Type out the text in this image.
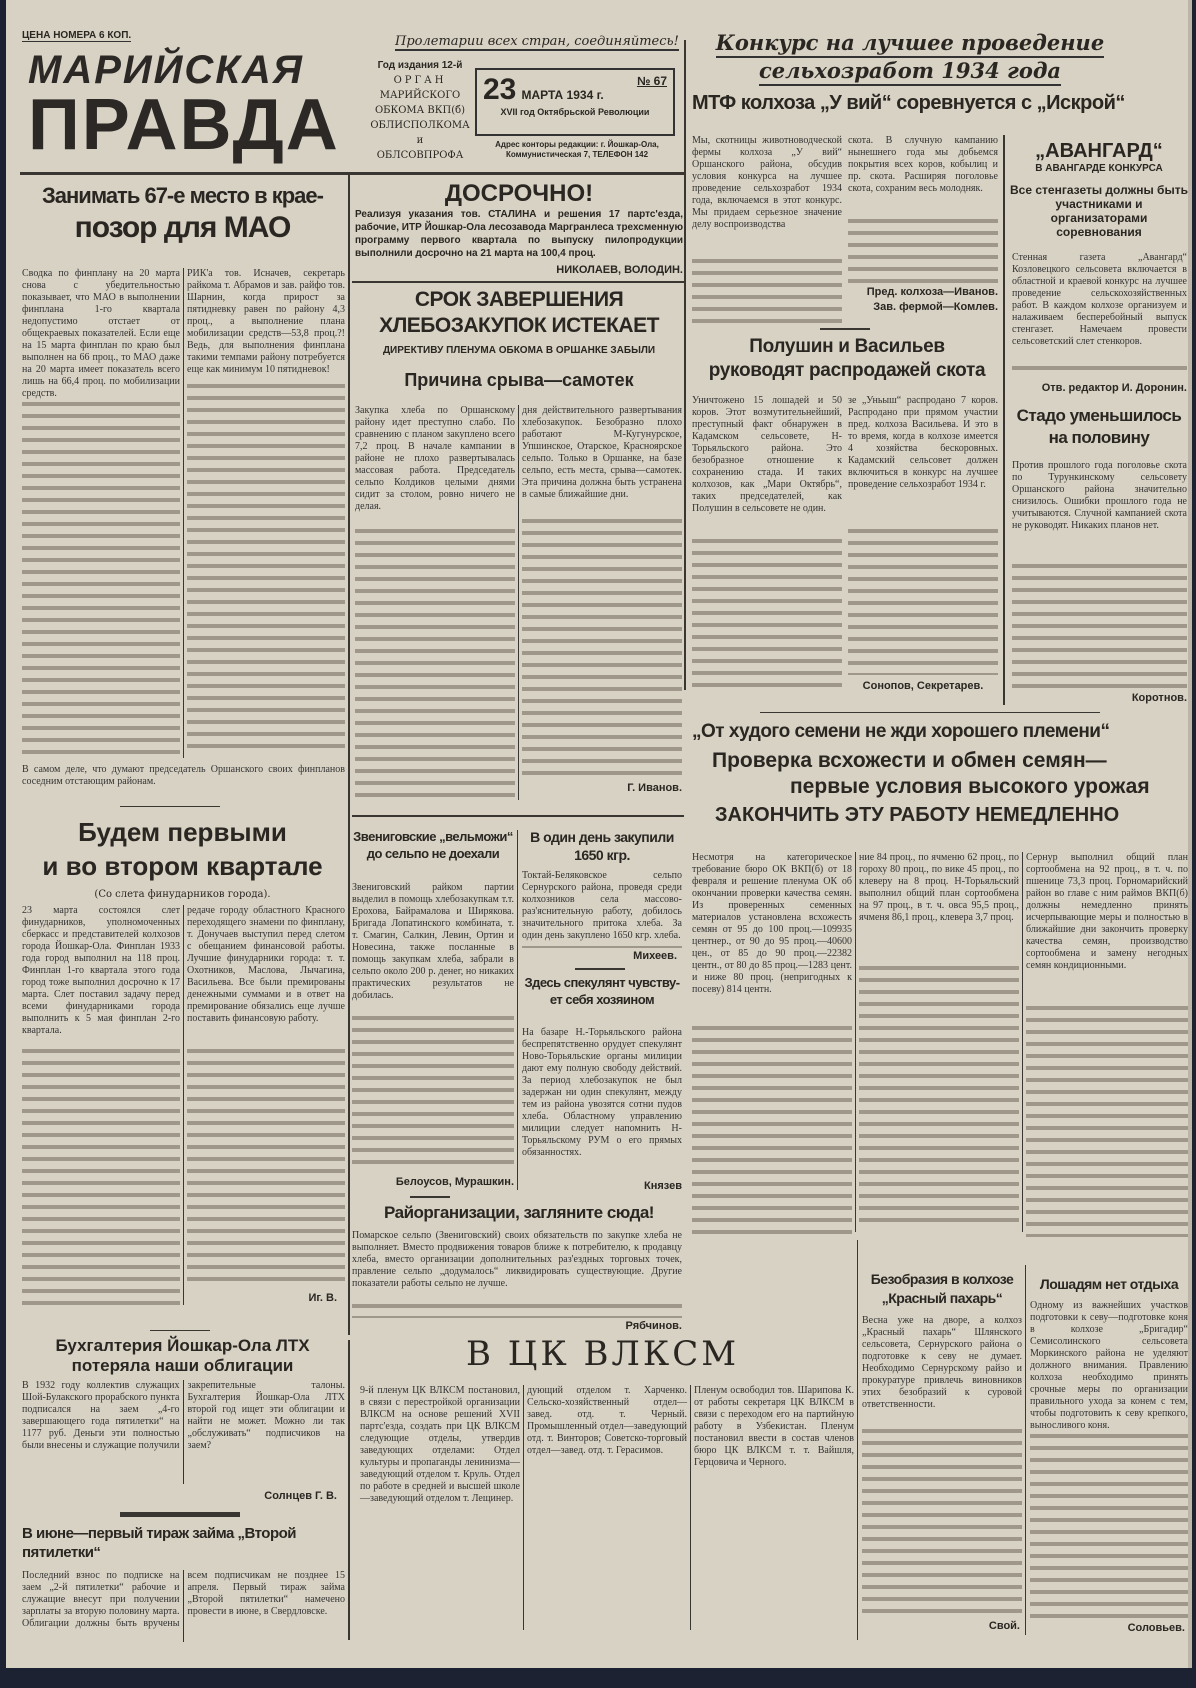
ЦЕНА НОМЕРА 6 КОП.	Пролетарии всех стран, соединяйтесь!
МАРИЙСКАЯ
ПРАВДА
Год издания 12-й
ОРГАН
МАРИЙСКОГО
ОБКОМА ВКП(б)
ОБЛИСПОЛКОМА и
ОБЛСОВПРОФА
23 МАРТА 1934 г.
№ 67
XVII год Октябрьской Революции
Адрес конторы редакции: г. Йошкар-Ола, Коммунистическая 7, ТЕЛЕФОН 142
Конкурс на лучшее проведение
сельхозработ 1934 года
МТФ колхоза „У вий“ соревнуется с „Искрой“
Мы, скотницы животноводческой фермы колхоза „У вий“ Оршанского района, обсудив условия конкурса на лучшее проведение сельхозработ 1934 года, включаемся в этот конкурс. Мы придаем серьезное значение делу воспроизводства
скота. В случную кампанию нынешнего года мы добьемся покрытия всех коров, кобылиц и пр. скота. Расширяя поголовье скота, сохраним весь молодняк.
Пред. колхоза—Иванов.
Зав. фермой—Комлев.
„АВАНГАРД“
В АВАНГАРДЕ КОНКУРСА
Все стенгазеты должны быть участниками и организаторами соревнования
Стенная газета „Авангард“ Козловецкого сельсовета включается в областной и краевой конкурс на лучшее проведение сельскохозяйственных работ. В каждом колхозе организуем и налаживаем бесперебойный выпуск стенгазет. Намечаем провести сельсоветский слет стенкоров.
Отв. редактор И. Доронин.
Стадо уменьшилось
на половину
Против прошлого года поголовье скота по Турункинскому сельсовету Оршанского района значительно снизилось. Ошибки прошлого года не учитываются. Случной кампанией скота не руководят. Никаких планов нет.
Коротнов.
Полушин и Васильев
руководят распродажей скота
Уничтожено 15 лошадей и 50 коров. Этот возмутительнейший, преступный факт обнаружен в Кадамском сельсовете, Н-Торьяльского района. Это безобразное отношение к сохранению стада. И таких колхозов, как „Мари Октябрь“, таких председателей, как Полушин в сельсовете не один.
зе „Уньыш“ распродано 7 коров. Распродано при прямом участии пред. колхоза Васильева. И это в то время, когда в колхозе имеется 4 хозяйства бескоровных. Кадамский сельсовет должен включиться в конкурс на лучшее проведение сельхозработ 1934 г.
Сонопов, Секретарев.
Занимать 67-е место в крае-
позор для МАО
Сводка по финплану на 20 марта снова с убедительностью показывает, что МАО в выполнении финплана 1-го квартала недопустимо отстает от общекраевых показателей. Если еще на 15 марта финплан по краю был выполнен на 66 проц., то МАО даже на 20 марта имеет показатель всего лишь на 66,4 проц. по мобилизации средств.
РИК'а тов. Исначев, секретарь райкома т. Абрамов и зав. райфо тов. Шарнин, когда прирост за пятидневку равен по району 4,3 проц., а выполнение плана мобилизации средств—53,8 проц.?! Ведь, для выполнения финплана такими темпами району потребуется еще как минимум 10 пятидневок!
В самом деле, что думают председатель Оршанского своих финпланов соседним отстающим районам.
ДОСРОЧНО!
Реализуя указания тов. СТАЛИНА и решения 17 партс'езда, рабочие, ИТР Йошкар-Ола лесозавода Маргранлеса трехсменную программу первого квартала по выпуску пилопродукции выполнили досрочно на 21 марта на 100,4 проц.
НИКОЛАЕВ, ВОЛОДИН.
СРОК ЗАВЕРШЕНИЯ
ХЛЕБОЗАКУПОК ИСТЕКАЕТ
ДИРЕКТИВУ ПЛЕНУМА ОБКОМА В ОРШАНКЕ ЗАБЫЛИ
Причина срыва—самотек
Закупка хлеба по Оршанскому району идет преступно слабо. По сравнению с планом закуплено всего 7,2 проц. В начале кампании в районе не плохо развертывалась массовая работа. Председатель сельпо Колдиков целыми днями сидит за столом, ровно ничего не делая.
дня действительного развертывания хлебозакупок. Безобразно плохо работают М-Кугунурское, Упшинское, Отарское, Красноярское сельпо. Только в Оршанке, на базе сельпо, есть места, срыва—самотек. Эта причина должна быть устранена в самые ближайшие дни.
Г. Иванов.
„От худого семени не жди хорошего племени“
Проверка всхожести и обмен семян—
первые условия высокого урожая
ЗАКОНЧИТЬ ЭТУ РАБОТУ НЕМЕДЛЕННО
Несмотря на категорическое требование бюро ОК ВКП(б) от 18 февраля и решение пленума ОК об окончании проверки качества семян. Из проверенных семенных материалов установлена всхожесть семян от 95 до 100 проц.—109935 центнер., от 90 до 95 проц.—40600 цен., от 85 до 90 проц.—22382 центн., от 80 до 85 проц.—1283 цент. и ниже 80 проц. (непригодных к посеву) 814 центн.
ние 84 проц., по ячменю 62 проц., по гороху 80 проц., по вике 45 проц., по клеверу на 8 проц. Н-Торьяльский выполнил общий план сортообмена на 97 проц., в т. ч. овса 95,5 проц., ячменя 86,1 проц., клевера 3,7 проц.
Сернур выполнил общий план сортообмена на 92 проц., в т. ч. по пшенице 73,3 проц. Горномарийский район во главе с ним раймов ВКП(б) должны немедленно принять исчерпывающие меры и полностью в ближайшие дни закончить проверку качества семян, производство сортообмена и замену негодных семян кондиционными.
Будем первыми
и во втором квартале
(Со слета финударников города).
23 марта состоялся слет финударников, уполномоченных сберкасс и представителей колхозов города Йошкар-Ола. Финплан 1933 года город выполнил на 118 проц. Финплан 1-го квартала этого года город тоже выполнил досрочно к 17 марта. Слет поставил задачу перед всеми финударниками города выполнить к 5 мая финплан 2-го квартала.
редаче городу областного Красного переходящего знамени по финплану, т. Донучаев выступил перед слетом с обещанием финансовой работы. Лучшие финударники города: т. т. Охотников, Маслова, Лычагина, Васильева. Все были премированы денежными суммами и в ответ на премирование обязались еще лучше поставить финансовую работу.
Иг. В.
Звениговские „вельможи“
до сельпо не доехали
Звениговский райком партии выделил в помощь хлебозакупкам т.т. Ерохова, Байрамалова и Ширякова. Бригада Лопатинского комбината, т. т. Смагин, Салкин, Левин, Ортин и Новесина, также посланные в помощь закупкам хлеба, забрали в сельпо около 200 р. денег, но никаких практических результатов не добилась.
Белоусов, Мурашкин.
В один день закупили
1650 кгр.
Токтай-Беляковское сельпо Сернурского района, проведя среди колхозников села массово-раз'яснительную работу, добилось значительного притока хлеба. За один день закуплено 1650 кгр. хлеба.
Михеев.
Здесь спекулянт чувству-
ет себя хозяином
На базаре Н.-Торьяльского района беспрепятственно орудует спекулянт Ново-Торьяльские органы милиции дают ему полную свободу действий. За период хлебозакупок не был задержан ни один спекулянт, между тем из района увозятся сотни пудов хлеба. Областному управлению милиции следует напомнить Н-Торьяльскому РУМ о его прямых обязанностях.
Князев
Райорганизации, загляните сюда!
Помарское сельпо (Звениговский) своих обязательств по закупке хлеба не выполняет. Вместо продвижения товаров ближе к потребителю, к продавцу хлеба, вместо организации дополнительных раз'ездных торговых точек, правление сельпо „додумалось“ ликвидировать существующие. Другие показатели работы сельпо не лучше.
Рябчинов.
Безобразия в колхозе
„Красный пахарь“
Весна уже на дворе, а колхоз „Красный пахарь“ Шлянского сельсовета, Сернурского района о подготовке к севу не думает. Необходимо Сернурскому райзо и прокуратуре привлечь виновников этих безобразий к суровой ответственности.
Свой.
Лошадям нет отдыха
Одному из важнейших участков подготовки к севу—подготовке коня в колхозе „Бригадир“ Семисолинского сельсовета Моркинского района не уделяют должного внимания. Правлению колхоза необходимо принять срочные меры по организации правильного ухода за конем с тем, чтобы подготовить к севу крепкого, выносливого коня.
Соловьев.
Бухгалтерия Йошкар-Ола ЛТХ
потеряла наши облигации
В 1932 году коллектив служащих Шой-Булакского прорабского пункта подписался на заем „4-го завершающего года пятилетки“ на 1177 руб. Деньги эти полностью были внесены и служащие получили закрепительные талоны. Бухгалтерия Йошкар-Ола ЛТХ второй год ищет эти облигации и найти не может. Можно ли так „обслуживать“ подписчиков на заем?
Солнцев Г. В.
В июне—первый тираж займа „Второй пятилетки“
Последний взнос по подписке на заем „2-й пятилетки“ рабочие и служащие внесут при получении зарплаты за вторую половину марта. Облигации должны быть вручены всем подписчикам не позднее 15 апреля. Первый тираж займа „Второй пятилетки“ намечено провести в июне, в Свердловске.
В ЦК ВЛКСМ
9-й пленум ЦК ВЛКСМ постановил, в связи с перестройкой организации ВЛКСМ на основе решений XVII партс'езда, создать при ЦК ВЛКСМ следующие отделы, утвердив заведующих отделами: Отдел культуры и пропаганды ленинизма—заведующий отделом т. Круль. Отдел по работе в средней и высшей школе—заведующий отделом т. Лещинер.
дующий отделом т. Харченко. Сельско-хозяйственный отдел—завед. отд. т. Черный. Промышленный отдел—заведующий отд. т. Винторов; Советско-торговый отдел—завед. отд. т. Герасимов.
Пленум освободил тов. Шарипова К. от работы секретаря ЦК ВЛКСМ в связи с переходом его на партийную работу в Узбекистан. Пленум постановил ввести в состав членов бюро ЦК ВЛКСМ т. т. Вайшля, Герцовича и Черного.
